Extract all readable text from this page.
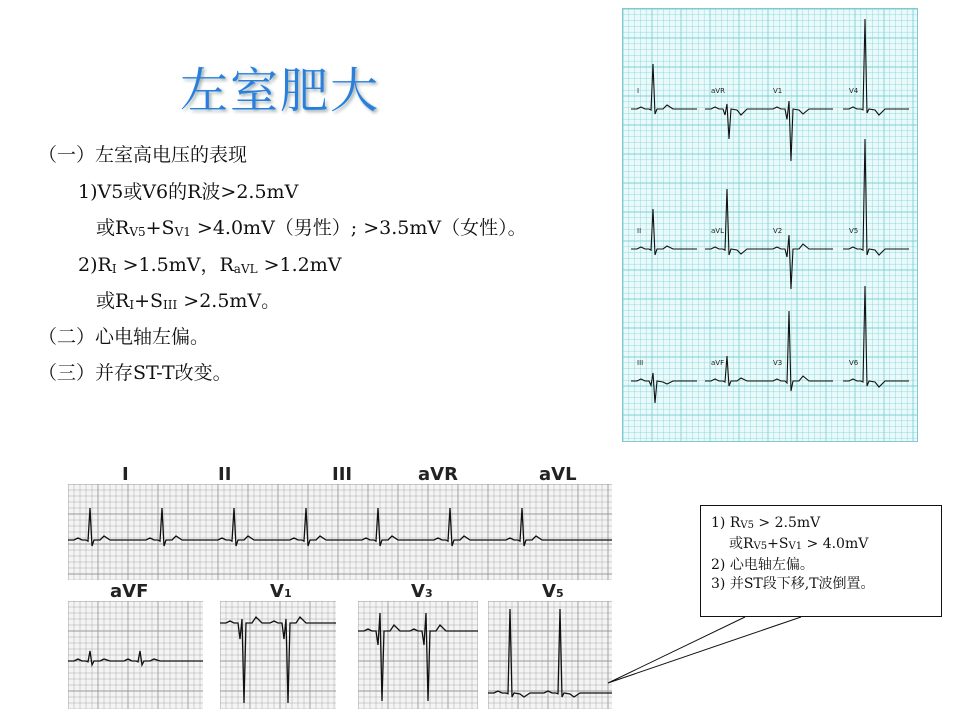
左室肥大
（一）左室高电压的表现
1)V5或V6的R波>2.5mV
或RV5+SV1 >4.0mV（男性）; >3.5mV（女性）。
2)RI >1.5mV，RaVL >1.2mV
或RI+SIII >2.5mV。
（二）心电轴左偏。
（三）并存ST-T改变。
I	aVR	V1	V4
II	aVL	V2	V5
III	aVF	V3	V6
I	II	III	aVR	aVL
aVF	V1	V3	V5
1) RV5 > 2.5mV
或RV5+SV1 > 4.0mV
2) 心电轴左偏。
3) 并ST段下移,T波倒置。
